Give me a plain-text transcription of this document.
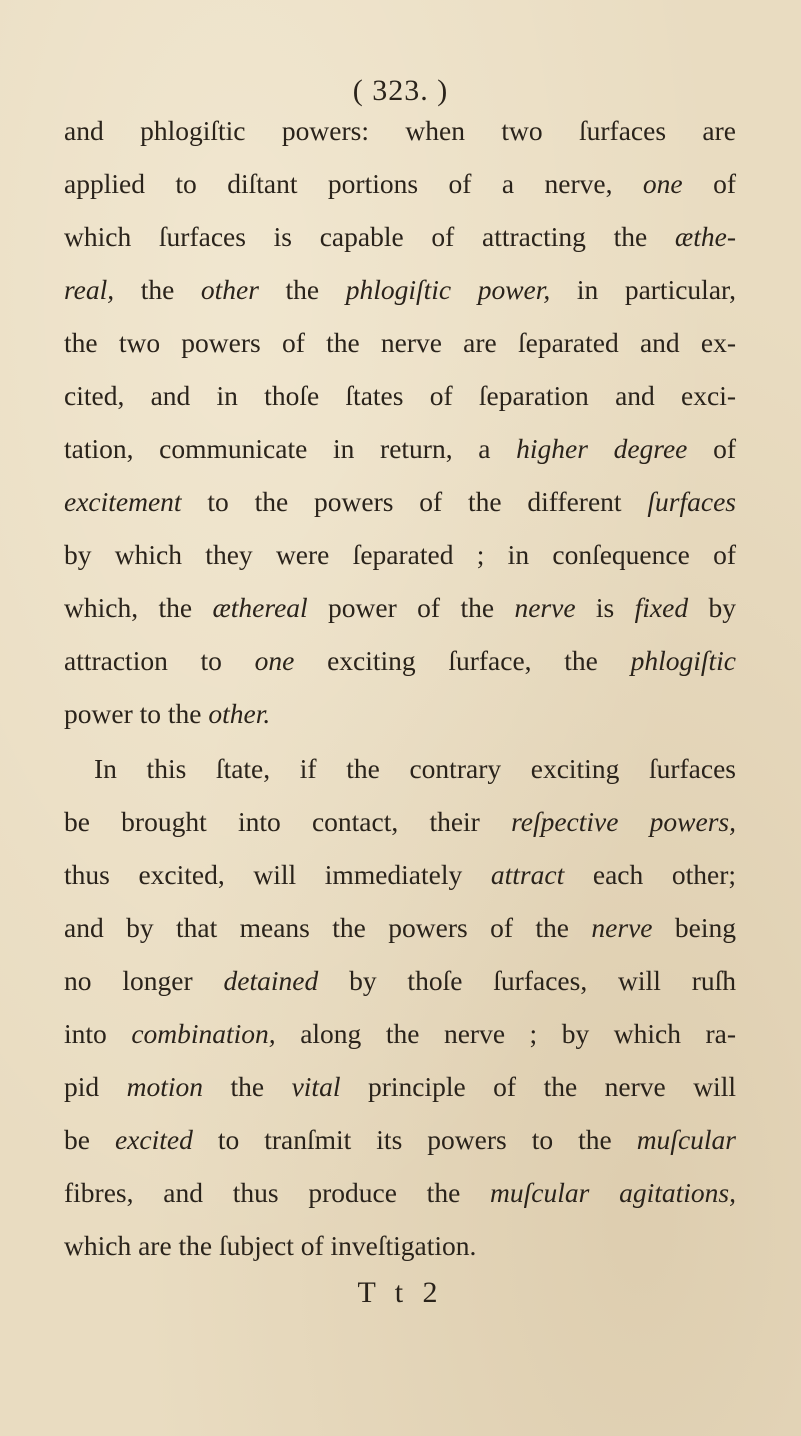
( 323. )
and phlogiſtic powers: when two ſurfaces are
applied to diſtant portions of a nerve, one of
which ſurfaces is capable of attracting the æthe-
real, the other the phlogiſtic power, in particular,
the two powers of the nerve are ſeparated and ex-
cited, and in thoſe ſtates of ſeparation and exci-
tation, communicate in return, a higher degree of
excitement to the powers of the different ſurfaces
by which they were ſeparated ; in conſequence of
which, the æthereal power of the nerve is fixed by
attraction to one exciting ſurface, the phlogiſtic
power to the other.
In this ſtate, if the contrary exciting ſurfaces
be brought into contact, their reſpective powers,
thus excited, will immediately attract each other;
and by that means the powers of the nerve being
no longer detained by thoſe ſurfaces, will ruſh
into combination, along the nerve ; by which ra-
pid motion the vital principle of the nerve will
be excited to tranſmit its powers to the muſcular
fibres, and thus produce the muſcular agitations,
which are the ſubject of inveſtigation.
T t 2
